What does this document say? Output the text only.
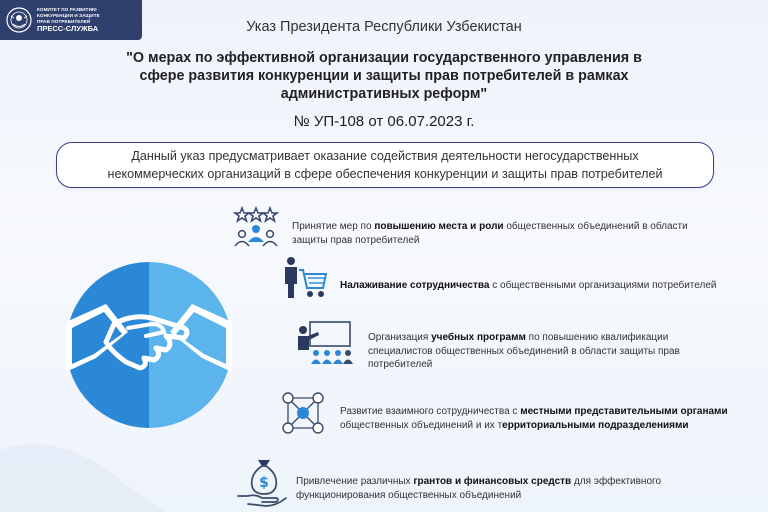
КОМИТЕТ ПО РАЗВИТИЮ
КОНКУРЕНЦИИ И ЗАЩИТЕ
ПРАВ ПОТРЕБИТЕЛЕЙ
ПРЕСС-СЛУЖБА	Указ Президента Республики Узбекистан
"О мерах по эффективной организации государственного управления в сфере развития конкуренции и защиты прав потребителей в рамках административных реформ"
№ УП-108 от 06.07.2023 г.
Данный указ предусматривает оказание содействия деятельности негосударственных
некоммерческих организаций в сфере обеспечения конкуренции и защиты прав потребителей
Принятие мер по повышению места и роли общественных объединений в области защиты прав потребителей
Налаживание сотрудничества с общественными организациями потребителей
Организация учебных программ по повышению квалификации специалистов общественных объединений в области защиты прав потребителей
Развитие взаимного сотрудничества с местными представительными органами общественных объединений и их территориальными подразделениями
$	Привлечение различных грантов и финансовых средств для эффективного функционирования общественных объединений
